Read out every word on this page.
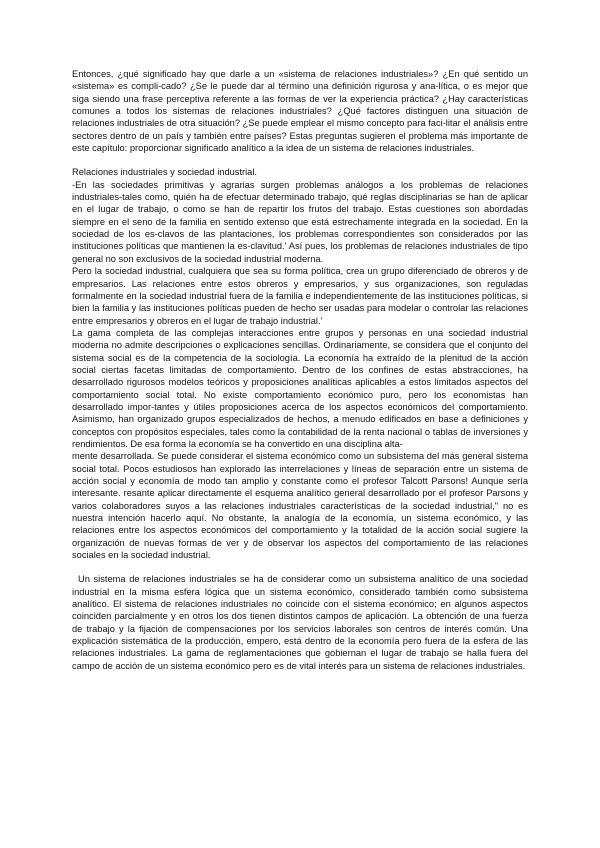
Entonces, ¿qué significado hay que darle a un «sistema de relaciones industriales»? ¿En qué sentido un «sistema» es compli-cado? ¿Se le puede dar al término una definición rigurosa y ana-lítica, o es mejor que siga siendo una frase perceptiva referente a las formas de ver la experiencia práctica? ¿Hay características comunes a todos los sistemas de relaciones industriales? ¿Qué factores distinguen una situación de relaciones industriales de otra situación? ¿Se puede emplear el mismo concepto para faci-litar el análisis entre sectores dentro de un país y también entre países? Estas preguntas sugieren el problema más importante de este capítulo: proporcionar significado analítico a la idea de un sistema de relaciones industriales.

Relaciones industriales y sociedad industrial.

-En las sociedades primitivas y agrarias surgen problemas análogos a los problemas de relaciones industriales-tales como, quién ha de efectuar determinado trabajo, qué reglas disciplinarias se han de aplicar en el lugar de trabajo, o como se han de repartir los frutos del trabajo. Estas cuestiones son abordadas siempre en el seno de la familia en sentido extenso que está estrechamente integrada en la sociedad. En la sociedad de los es-clavos de las plantaciones, los problemas correspondientes son considerados por las instituciones políticas que mantienen la es-clavitud.' Así pues, los problemas de relaciones industriales de tipo general no son exclusivos de la sociedad industrial moderna.

Pero la sociedad industrial, cualquiera que sea su forma política, crea un grupo diferenciado de obreros y de empresarios. Las relaciones entre estos obreros y empresarios, y sus organizaciones, son reguladas formalmente en la sociedad industrial fuera de la familia e independientemente de las instituciones políticas, si bien la familia y las instituciones políticas pueden de hecho ser usadas para modelar o controlar las relaciones entre empresarios y obreros en el lugar de trabajo industrial.'

La gama completa de las complejas interacciones entre grupos y personas en una sociedad industrial moderna no admite descripciones o explicaciones sencillas. Ordinariamente, se considera que el conjunto del sistema social es de la competencia de la sociología. La economía ha extraído de la plenitud de la acción social ciertas facetas limitadas de comportamiento. Dentro de los confines de estas abstracciones, ha desarrollado rigurosos modelos teóricos y proposiciones analíticas aplicables a estos limitados aspectos del comportamiento social total. No existe comportamiento económico puro, pero los economistas han desarrollado impor-tantes y útiles proposiciones acerca de los aspectos económicos del comportamiento. Asimismo, han organizado grupos especializados de hechos, a menudo edificados en base a definiciones y conceptos con propósitos especiales, tales como la contabilidad de la renta nacional o tablas de inversiones y rendimientos. De esa forma la economía se ha convertido en una disciplina alta-

mente desarrollada. Se puede considerar el sistema económico como un subsistema del más general sistema social total. Pocos estudiosos han explorado las interrelaciones y líneas de separación entre un sistema de acción social y economía de modo tan amplio y constante como el profesor Talcott Parsons! Aunque sería interesante. resante aplicar directamente el esquema analítico general desarrollado por el profesor Parsons y varios colaboradores suyos a las relaciones industriales características de la sociedad industrial," no es nuestra intención hacerlo aquí. No obstante, la analogía de la economía, un sistema económico, y las relaciones entre los aspectos económicos del comportamiento y la totalidad de la acción social sugiere la organización de nuevas formas de ver y de observar los aspectos del comportamiento de las relaciones sociales en la sociedad industrial.

Un sistema de relaciones industriales se ha de considerar como un subsistema analítico de una sociedad industrial en la misma esfera lógica que un sistema económico, considerado también como subsistema analítico. El sistema de relaciones industriales no coincide con el sistema económico; en algunos aspectos coinciden parcialmente y en otros los dos tienen distintos campos de aplicación. La obtención de una fuerza de trabajo y la fijación de compensaciones por los servicios laborales son centros de interés común. Una explicación sistemática de la producción, empero, está dentro de la economía pero fuera de la esfera de las relaciones industriales. La gama de reglamentaciones que gobiernan el lugar de trabajo se halla fuera del campo de acción de un sistema económico pero es de vital interés para un sistema de relaciones industriales.
